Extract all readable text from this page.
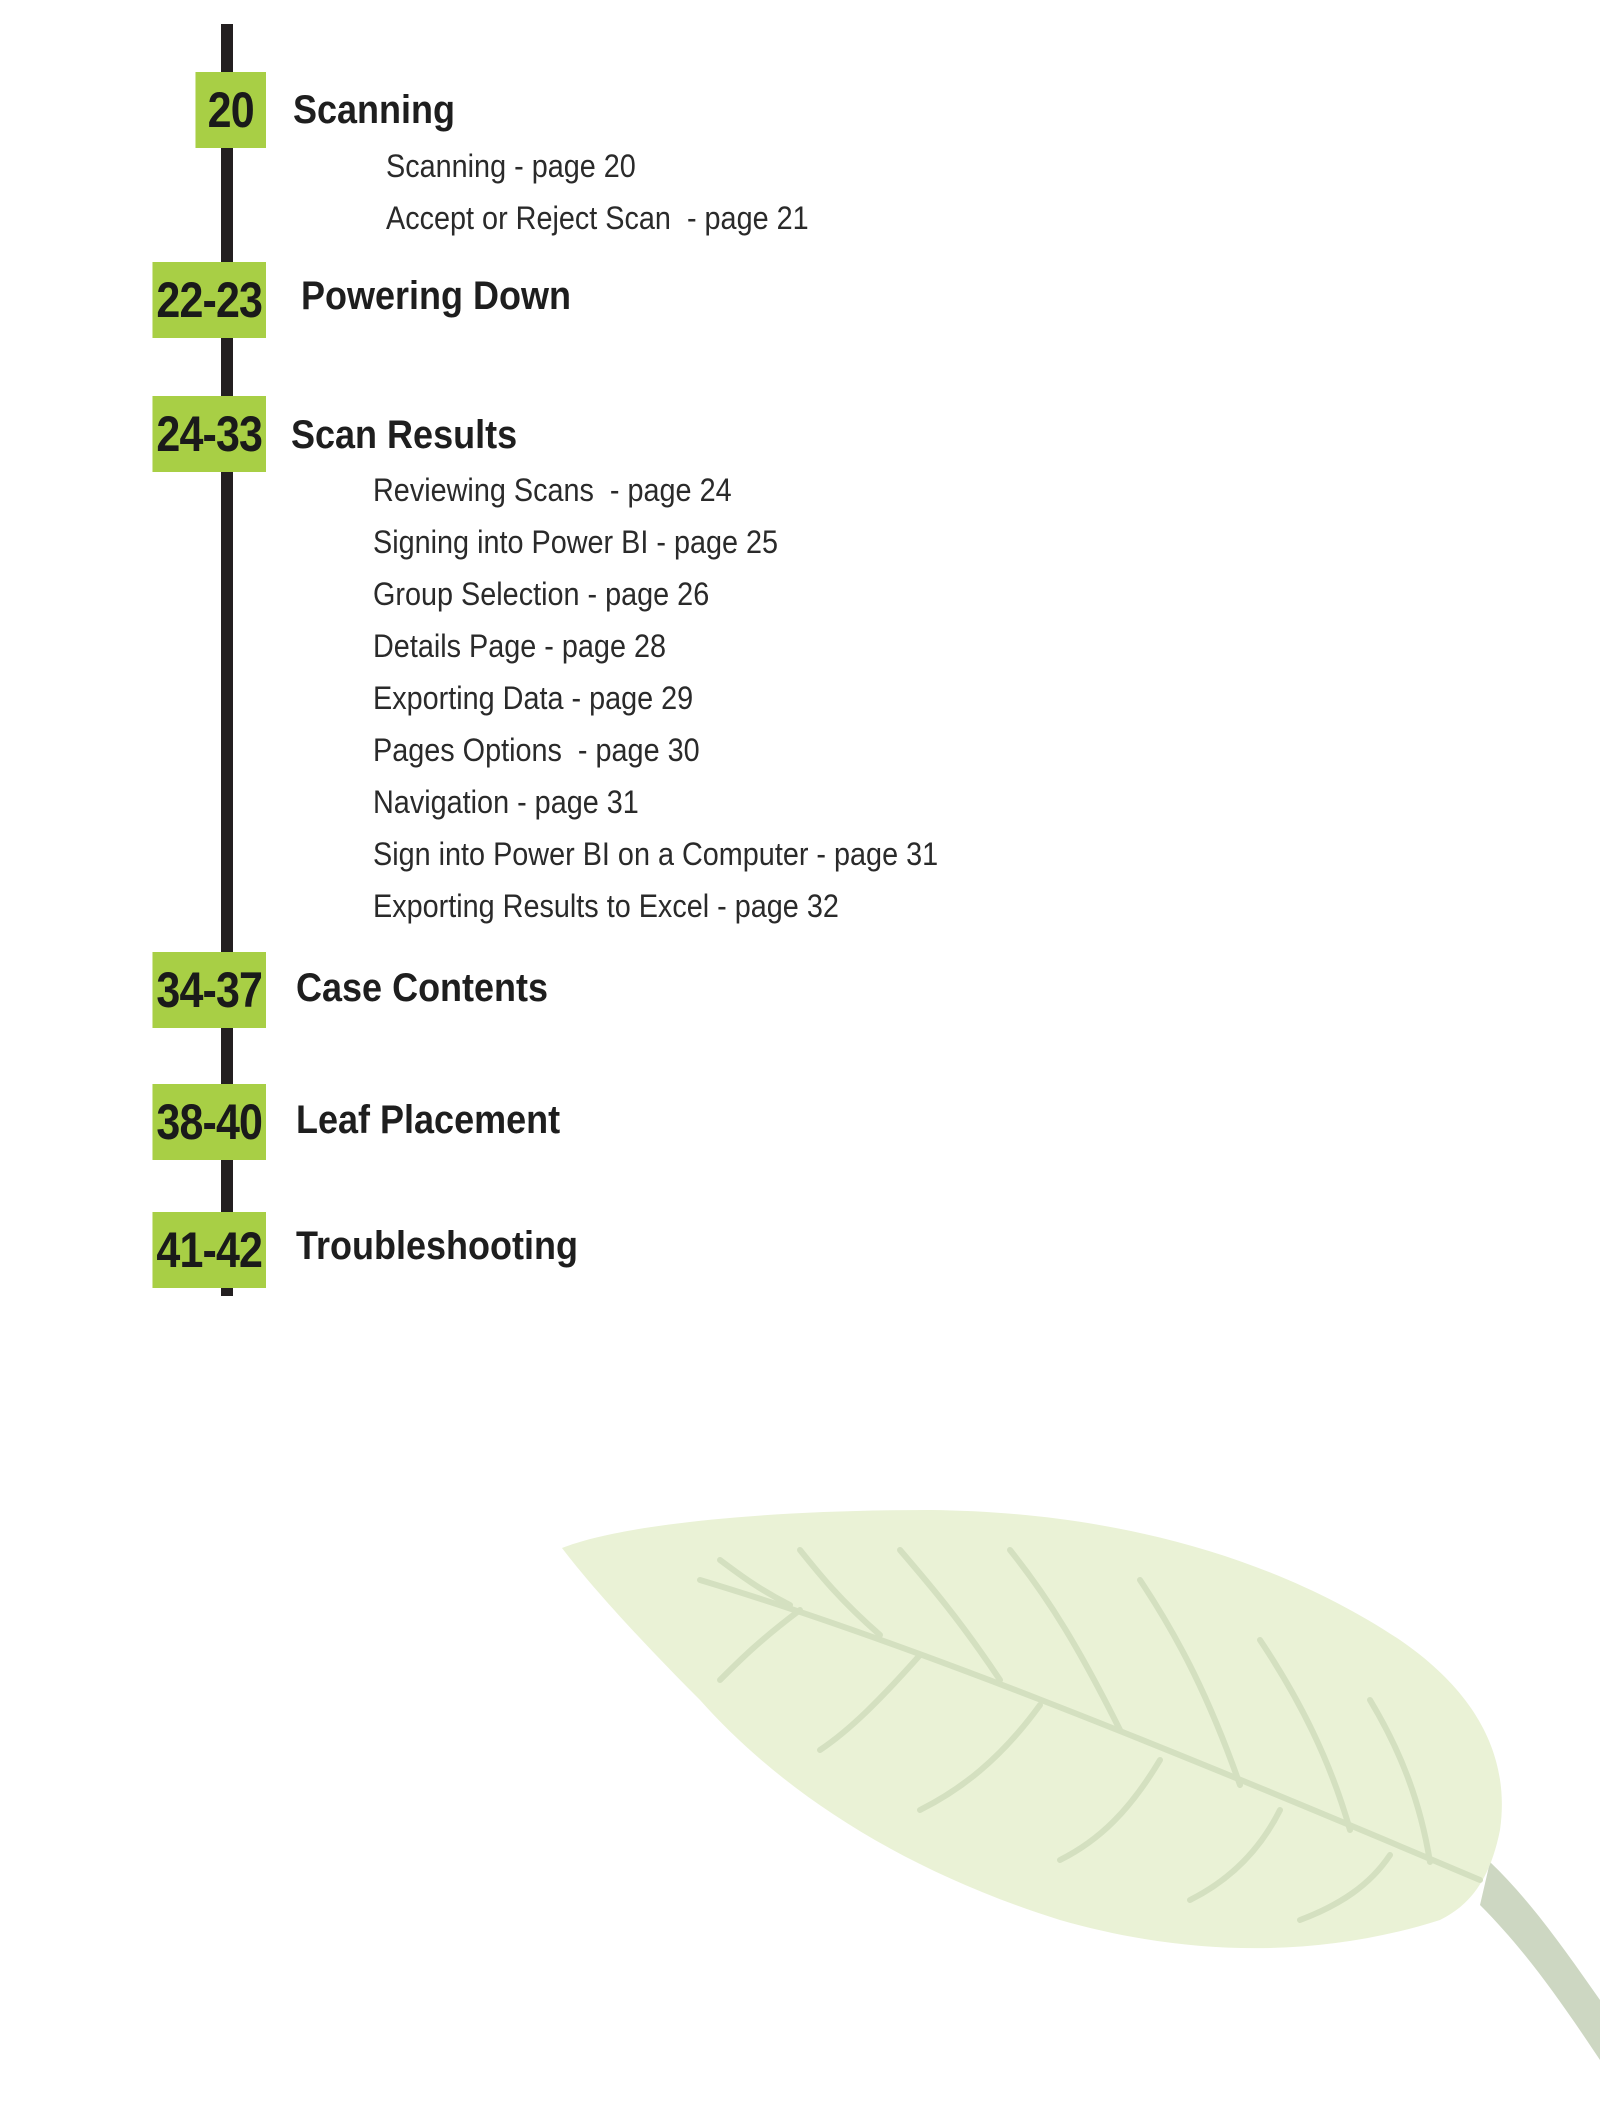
20 Scanning
Scanning - page 20
Accept or Reject Scan  - page 21
22-23 Powering Down
24-33 Scan Results
Reviewing Scans  - page 24
Signing into Power BI - page 25
Group Selection - page 26
Details Page - page 28
Exporting Data - page 29
Pages Options  - page 30
Navigation - page 31
Sign into Power BI on a Computer - page 31
Exporting Results to Excel - page 32
34-37 Case Contents
38-40 Leaf Placement
41-42 Troubleshooting
